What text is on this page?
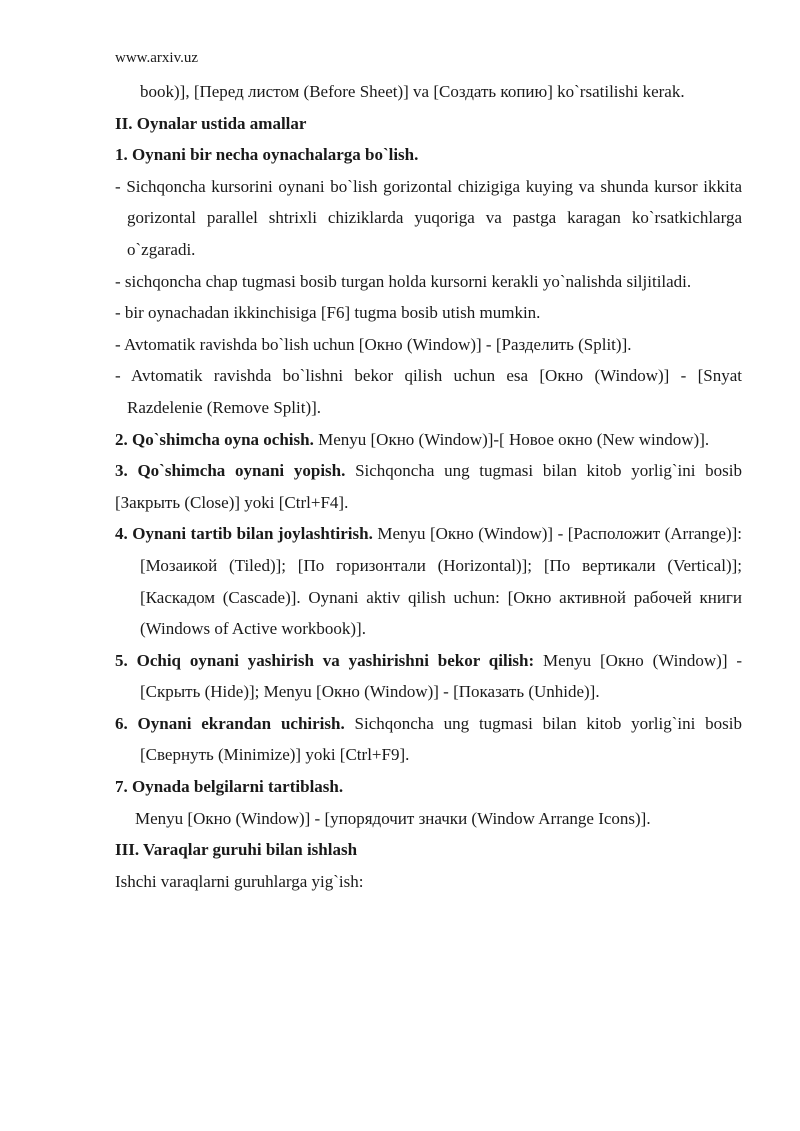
www.arxiv.uz

book)], [Перед листом (Before Sheet)] va [Создать копию] ko`rsatilishi kerak.

II. Oynalar ustida amallar

1. Oynani bir necha oynachalarga bo`lish.

- Sichqoncha kursorini oynani bo`lish gorizontal chizigiga kuying va shunda kursor ikkita gorizontal parallel shtrixli chiziklarda yuqoriga va pastga karagan ko`rsatkichlarga o`zgaradi.

- sichqoncha chap tugmasi bosib turgan holda kursorni kerakli yo`nalishda siljitiladi.

- bir oynachadan ikkinchisiga [F6] tugma bosib utish mumkin.

- Avtomatik ravishda bo`lish uchun [Окно (Window)] - [Разделить (Split)].

- Avtomatik ravishda bo`lishni bekor qilish uchun esa [Окно (Window)] - [Snyat Razdelenie (Remove Split)].

2. Qo`shimcha oyna ochish. Menyu [Окно (Window)]-[ Новое окно (New window)].

3. Qo`shimcha oynani yopish. Sichqoncha ung tugmasi bilan kitob yorlig`ini bosib [Закрыть (Close)] yoki [Ctrl+F4].

4. Oynani tartib bilan joylashtirish. Menyu [Окно (Window)] - [Расположит (Arrange)]: [Мозаикой (Tiled)]; [По горизонтали (Horizontal)]; [По вертикали (Vertical)]; [Каскадом (Cascade)]. Oynani aktiv qilish uchun: [Окно активной рабочей книги (Windows of Active workbook)].

5. Ochiq oynani yashirish va yashirishni bekor qilish: Menyu [Окно (Window)] - [Скрыть (Hide)]; Menyu [Окно (Window)] - [Показать (Unhide)].

6. Oynani ekrandan uchirish. Sichqoncha ung tugmasi bilan kitob yorlig`ini bosib [Свернуть (Minimize)] yoki [Ctrl+F9].

7. Oynada belgilarni tartiblash.

Menyu [Окно (Window)] - [упорядочит значки (Window Arrange Icons)].

III. Varaqlar guruhi bilan ishlash

Ishchi varaqlarni guruhlarga yig`ish:
